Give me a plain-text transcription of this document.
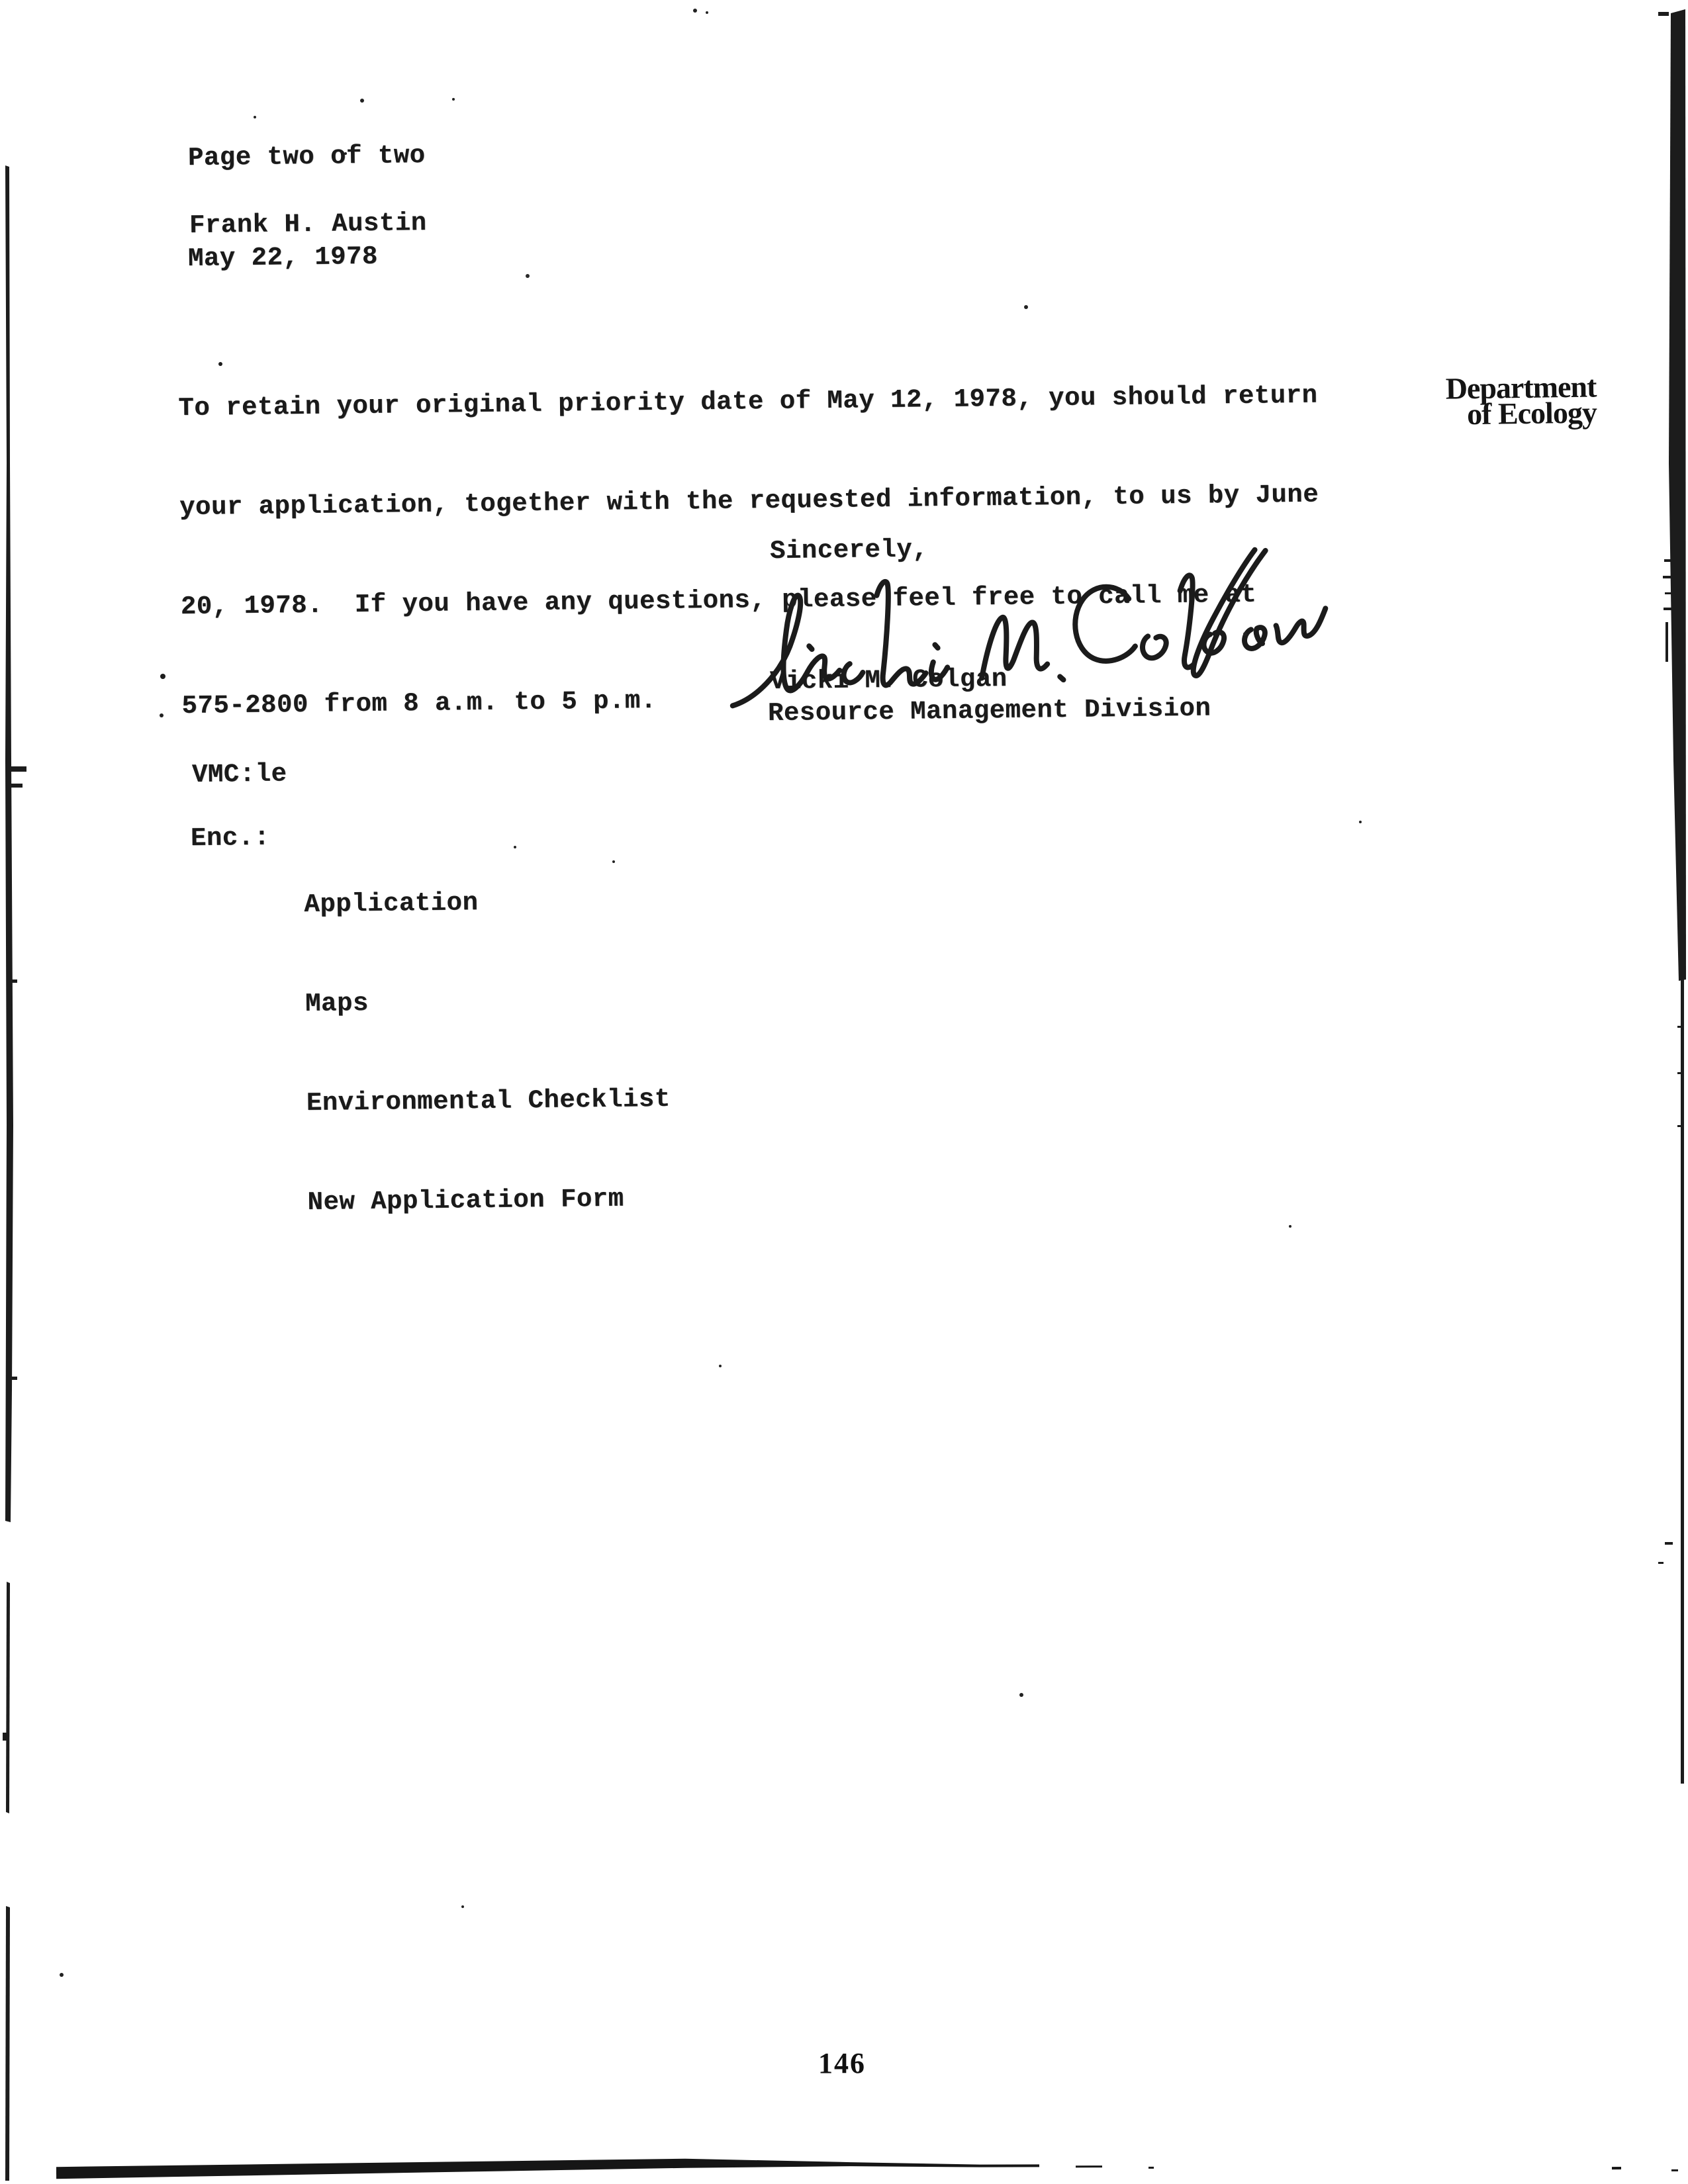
Page two of two
Frank H. Austin
May 22, 1978

To retain your original priority date of May 12, 1978, you should return

your application, together with the requested information, to us by June

20, 1978.  If you have any questions, please feel free to call me at

575-2800 from 8 a.m. to 5 p.m.

Department
of Ecology
Sincerely,
Vicki M. Colgan
Resource Management Division
VMC:le
Enc.:

Application

Maps

Environmental Checklist

New Application Form

146
